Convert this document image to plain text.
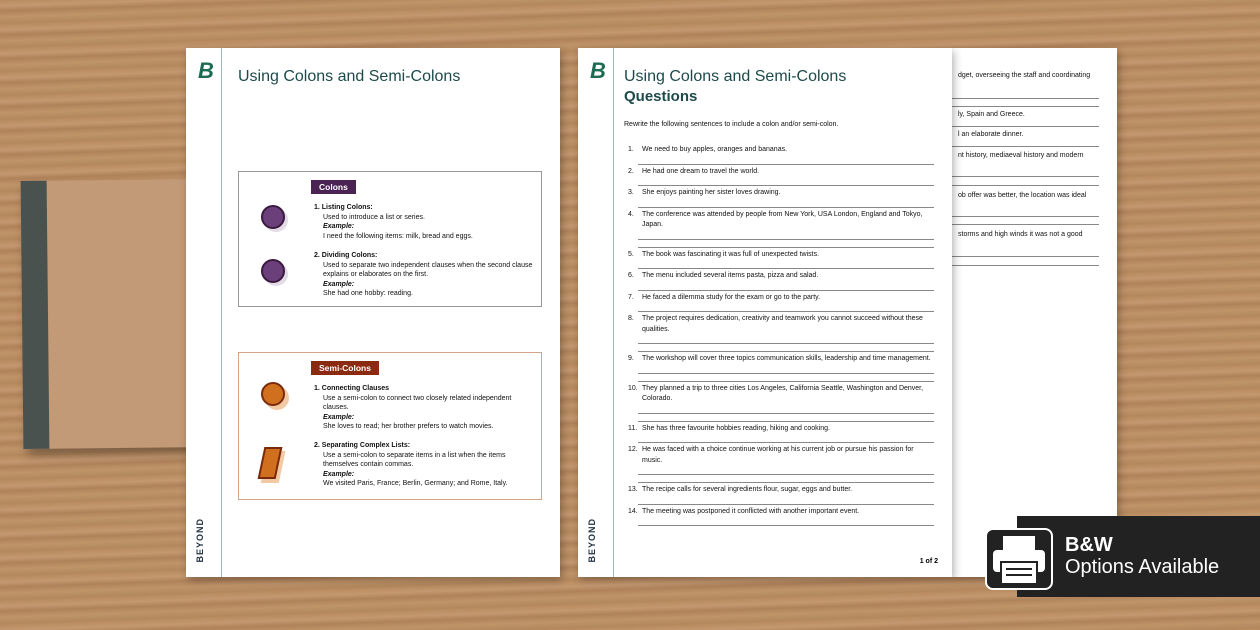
B
BEYOND
Using Colons and Semi-Colons
Colons
1. Listing Colons:
Used to introduce a list or series.
Example:
I need the following items: milk, bread and eggs.
2. Dividing Colons:
Used to separate two independent clauses when the second clause explains or elaborates on the first.
Example:
She had one hobby: reading.
Semi-Colons
1. Connecting Clauses
Use a semi-colon to connect two closely related independent clauses.
Example:
She loves to read; her brother prefers to watch movies.
2. Separating Complex Lists:
Use a semi-colon to separate items in a list when the items themselves contain commas.
Example:
We visited Paris, France; Berlin, Germany; and Rome, Italy.
dget, overseeing the staff and coordinating
ly, Spain and Greece.
l an elaborate dinner.
nt history, mediaeval history and modern
ob offer was better, the location was ideal
storms and high winds it was not a good
B
BEYOND
Using Colons and Semi-Colons
Questions
Rewrite the following sentences to include a colon and/or semi-colon.
1. We need to buy apples, oranges and bananas.
2. He had one dream to travel the world.
3. She enjoys painting her sister loves drawing.
4. The conference was attended by people from New York, USA London, England and Tokyo, Japan.
5. The book was fascinating it was full of unexpected twists.
6. The menu included several items pasta, pizza and salad.
7. He faced a dilemma study for the exam or go to the party.
8. The project requires dedication, creativity and teamwork you cannot succeed without these qualities.
9. The workshop will cover three topics communication skills, leadership and time management.
10. They planned a trip to three cities Los Angeles, California Seattle, Washington and Denver, Colorado.
11. She has three favourite hobbies reading, hiking and cooking.
12. He was faced with a choice continue working at his current job or pursue his passion for music.
13. The recipe calls for several ingredients flour, sugar, eggs and butter.
14. The meeting was postponed it conflicted with another important event.
1 of 2
B&W
Options Available
